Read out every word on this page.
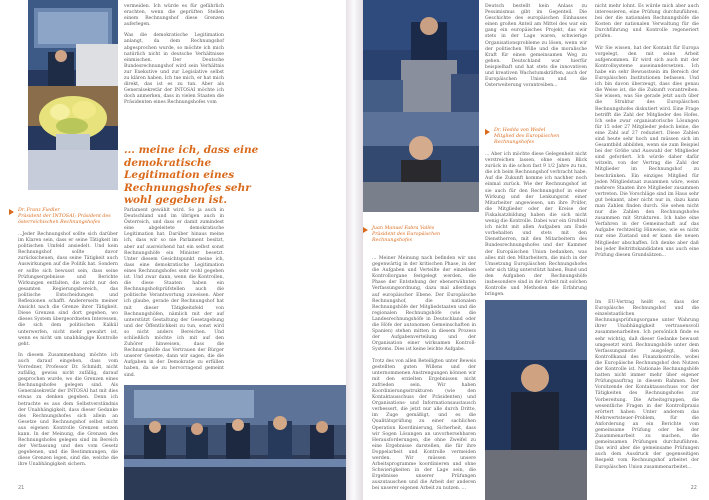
vermeiden. Ich würde es für gefährlich erachten, wenn die geprüften Stellen einem Rechnungshof diese Grenzen auferlegen.

Was die demokratische Legitimation anlangt, da dem Rechnungshof abgesprochen wurde, so möchte ich mich natürlich nicht in deutsche Verhältnisse einmischen. Der Deutsche Bundesrechnungshof wird sein Verhältnis zur Exekutive und zur Legislative selbst zu klären haben. Ich tue mich, er hat mich direkt, das ist es zu tun. Aber als Generalsekretär der INTOSAI möchte ich doch anmerken, dass in vielen Staaten die Präsidenten eines Rechnungshofes vom

... meine ich, dass eine demokratische Legitimation eines Rechnungshofes sehr wohl gegeben ist.
Dr. Franz Fiedler
Präsident der INTOSAI; Präsident des österreichischen Rechnungshofes

...Jeder Rechnungshof sollte sich darüber im Klaren sein, dass er seine Tätigkeit im politischen Umfeld ansiedelt. Und kein Rechnungshof sollte davor zurückscheuen, dass seine Tätigkeit auch Auswirkungen auf die Politik hat. Sondern er sollte sich bewusst sein, dass seine Prüfungsergebnisse und Berichte Wirkungen entfalten, die nicht nur den gesamten Regierungsbereich, das politische Entscheidungen und Reflexionen schafft. Andererseits meiner Ansicht nach die Grenze ihrer Tätigkeit. Diese Grenzen sind dort gegeben, wo dieses System übergeordneten Interessen, die sich dem politischen Kalkül unterwerfen, nicht mehr gewahrt ist, wenn es nicht um unabhängige Kontrolle geht.

In diesem Zusammenhang möchte ich auch darauf eingehen, dass vom Vorredner, Professor Dr. Schmidt, nicht zufällig, gewiss nicht zufällig, darauf gesprochen wurde, wo die Grenzen eines Rechnungshofes gelegen sind. Als Generalsekretär der INTOSAI hat mit dies etwas zu denken gegeben. Denn ich betrachte es aus dem Selbstverständnis der Unabhängigkeit, dass dieser Gedanke des Rechnungshofes sich allein an Gesetze und Rechnungshof selbst nicht aus eigenen Kontrolle Grenzen setzen kann. In der Meinung, die Grenzen des Rechnungshofes gelegen sind im Bereich der Verfassung und den vom Gesetz gegebenen, und die Bestimmungen, die diese Grenzen legen, sind die, welche die ihre Unabhängigkeit sichern.

Parlament gewählt wird. So ja auch in Deutschland und im übrigen auch in Österreich, und dass er damit zumindest eine abgeleitete demokratische Legitimation hat. Darüber hinaus meine ich, dass wir so nie Parlament besitzt, aber auf ausreichend hat ein selbst sonst Rechnungshöfe ein Minister besetzt. Unter diesem Gesichtspunkt meine ich, dass eine demokratische Legitimation eines Rechnungshofes sehr wohl gegeben ist. Und zwar dann, wenn die Kontrollen, die diese Staaten haben ein Rechnungshofsprüfstellen auch die politische Verantwortung zuweisen. Aber ich glaube, gerade der Rechnungshof hat mit dieser Tätigkeitsfeld von Rechnungshöfen, nämlich mit der auf unterstützt Gestaltung der Gesetzgebung und der Öffentlichkeit zu tun, sonst wird so nicht anders Bereichen. Und schließlich möchte ich mit auf den Zuhörer hinweisen, dass die Rechnungshöfe das Vertrauen der Bürger unserer Gesetze, dann wir sagen, die die Aufgaben in der Demokratie zu erfüllen haben, da sie zu hervorragend gemeint sind.

21

Deutsch bestellt kein Anlass zu Pessimismus gibt im Gegenteil. Die Geschichte des europäischen Einhauses einen großen Anteil am Mittel des war ein gang ein europäisches Projekt, das wir stets in der Lage waren, schwierige Organisationsprobleme zu lösen, wenn wir der politischen Wille und die moralische Kraft für einen gemeinsamen Weg zu gehen. Deutschland war hierfür beispielhaft und hat stets die innovativen und kreativen Wachstumskräften, auch der Europäischen Union und die Osterweiterung vorantreiben...

nicht mehr lohnt. Es würde mich aber auch interessieren, eine Prüfung durchzuführen, bei der die nationalen Rechnungshöfe die Kosten der nationalen Verwaltung für die Durchführung und Kontrolle regeneriert prüfen.

Wir Sie wissen, hat der Kontakt für Europa vorgelegt, den mit seine Arbeit aufgenommen. Er wird sich auch mit der Kontrollsysteme auseinandersetzen. Ich habe ein sehr Bewusstsein im Bereich der Europäischen Institutionen befassen. Und ich bin davon überzeugt, dass dies genau die Weise ist, die die Zukunft vorantreiben. Sie wissen, was Sie gerade jetzt auch über die Struktur des Europäischen Rechnungshofes diskutiert wird. Eine Frage betrifft die Zahl der Mitglieder des Hofes. Ich sehe zwar organisatorische Lösungen für 15 oder 27 Mitglieder jedoch keine, die eine Zahl auf 27 reduziert. Diese Zahlen sind heute sehr hoch und müssen sich im Gesamtbild abbilden, wenn sie zum Beispiel bei der Größe und Auswahl der Mitglieder sind gefordert. Ich würde daher dafür witzeln, von der Vertrag die Zahl der Mitglieder im Rechnungshof zu beschränken. Ein einziges Mitglied für jeden Mitgliedstaat zusammen wäre, wenn mehrere Staaten ihre Mitglieder zusammen vertreten. Die Vorschläge sind im Haus sehr gut bekannt, aber nicht nur in, dazu kann man Zahlen finden durch. Sie sehen nicht nur die Zahlen den Rechnungshofes zusammen mit Strukturen. Ich habe eine Verfahren in der Gemeinschaft auf das Aufgabe rechtzeitig Hinweise, wie es nicht nur eine Zustand und er kann die neuen Mitglieder abschaffen. Ich denke aber daß bei jeder Beitrittskandidaten uns auch eine Prüfung diesen Grundsätzen...

Dr. Hedda von Wedel
Mitglied des Europäischen Rechnungshofes

... Aber ich möchte diese Gelegenheit nicht verstreichen lassen, ohne einen Blick zurück in die schon fast 9 1/2 Jahre zu tun, die ich beim Rechnungshof verbracht habe. Auf die Zukunft komme ich nachher noch einmal zurück. Wie der Rechnungshof ist sie auch für den Rechnungshof in einer Wirkung und der Lenkungsrat einer Mitarbeiter angewiesen, um ihre Prüfer, die Mitglieder oder der Kreise der Fiskalsatzbildung haben die sich nicht wenig die Kontrolle. Dabei war ein Großteil ich nicht mit allen Aufgaben am Ende vorbehalten und stets mit den Dienstherren, mit den Mitarbeitern des Bundesrechnungshofes und der Kammer der Europäischen Union bedanken, was alles mit den Mitarbeitern, die mich in der Umsetzung Europäischen Rechnungshofes sehr sich tätig unterstützt haben, Bund und den Aufgaben der Rechnungshöfe insbesondere sind in der Arbeit mit solchen Kontrolle und Methoden die Erfahrung bringen.

Juan Manuel Fabra Vallés
Präsident des Europäischen Rechnungshofes

... Meiner Meinung nach befinden wir uns gegenwärtig in der kritischen Phase, in der die Aufgaben und Verteilte der einzelnen Kontrollorgane festgelegt werden, die Phase der Entstehung der ebenerwähnten Verfassungsordnung, dazu mal allerdings auf europäischer Ebene. Der Europäische Rechnungshof, die nationalen Rechnungshöfe der Mitgliedstaaten und die regionalen Rechnungshöfe (wie die Landesrechnungshöfe in Deutschland oder die Höfe der autonomen Gemeinschaften in Spanien) stehen mitten in diesem Prozess der Aufgabenverteilung und der Organisation einer wirksamen Kontroll-Systems. Dies ist keine leichte Aufgabe.

Trotz des von allen Beteiligten unter Beweis gestellten guten Willens und der unternommenen Anstrengungen können wir mit den erzielten Ergebnissen nicht zufrieden sein. Wir haben Koordinierungsstrukturen (wie den Kontaktausschuss der Präsidenten) und Organisations- und Informationsaustausch verbessert, die jetzt nur alle durch Dritte, im Zuge gemäßigt, und es die Qualitätsprüfung zu einer sachlichen Operation Koordinierung, Sicherheit, dass wir Sogen Lösungen an unvorhersehbaren Herausforderungen, die ohne Zweifel zu eine Ergebnisse darstellen, die für ihre Doppelarbeit und Kontrolle vermeiden werden. Wir müssen unsere Arbeitsprogramme koordinieren und ohne Schwierigkeiten in der Lage sein, die Ergebnisse unserer Prüfungen auszutauschen und die Arbeit der anderen bei unserer eigenen Arbeit zu nutzen. ...

Im EU-Vertrag heißt es, dass der Europäische Rechnungshof und die einzelstaatlichen Rechnungsprüfungsorgane unter Wahrung ihrer Unabhängigkeit vertrauensvoll zusammenarbeiten. Ich persönlich finde es sehr wichtig, daß dieser Gedanke bewusst umgesetzt wird. Rechnungshöfe unter dem Verfassungsmotiv ausgelegt, den Kontrollkanal des Finanzkontrolle, wobei die Europäische Rechnungshof den Nutzen der Kontrolle ist. Nationale Rechnungshöfe hatten nicht immer mehr über eigener Prüfungsauftrag in diesem Rahmen. Der Vorsitzende der Kontaktausschuss vor der Tätigkeiten des Rechnungshofes zur Vorbereitung. Die Arbeitsgruppen, die wesentliche Fragen in der Kontrollpraxis erörtert haben. Unter anderem das Mehrwertsteuer-Problem, für die Anforderung an ein Berichte vom gemeinsame Prüfung oder bei der Zusammenarbeit zu machen, die gemeinsamen Prüfungen durchzuführen. Das wird aber die gemeinsame Prüfungen auch dem Ausdruck der gegenseitigen Respekt vom Rechnungshof arbeitet der Europäischen Union zusammenarbeitet...

22
